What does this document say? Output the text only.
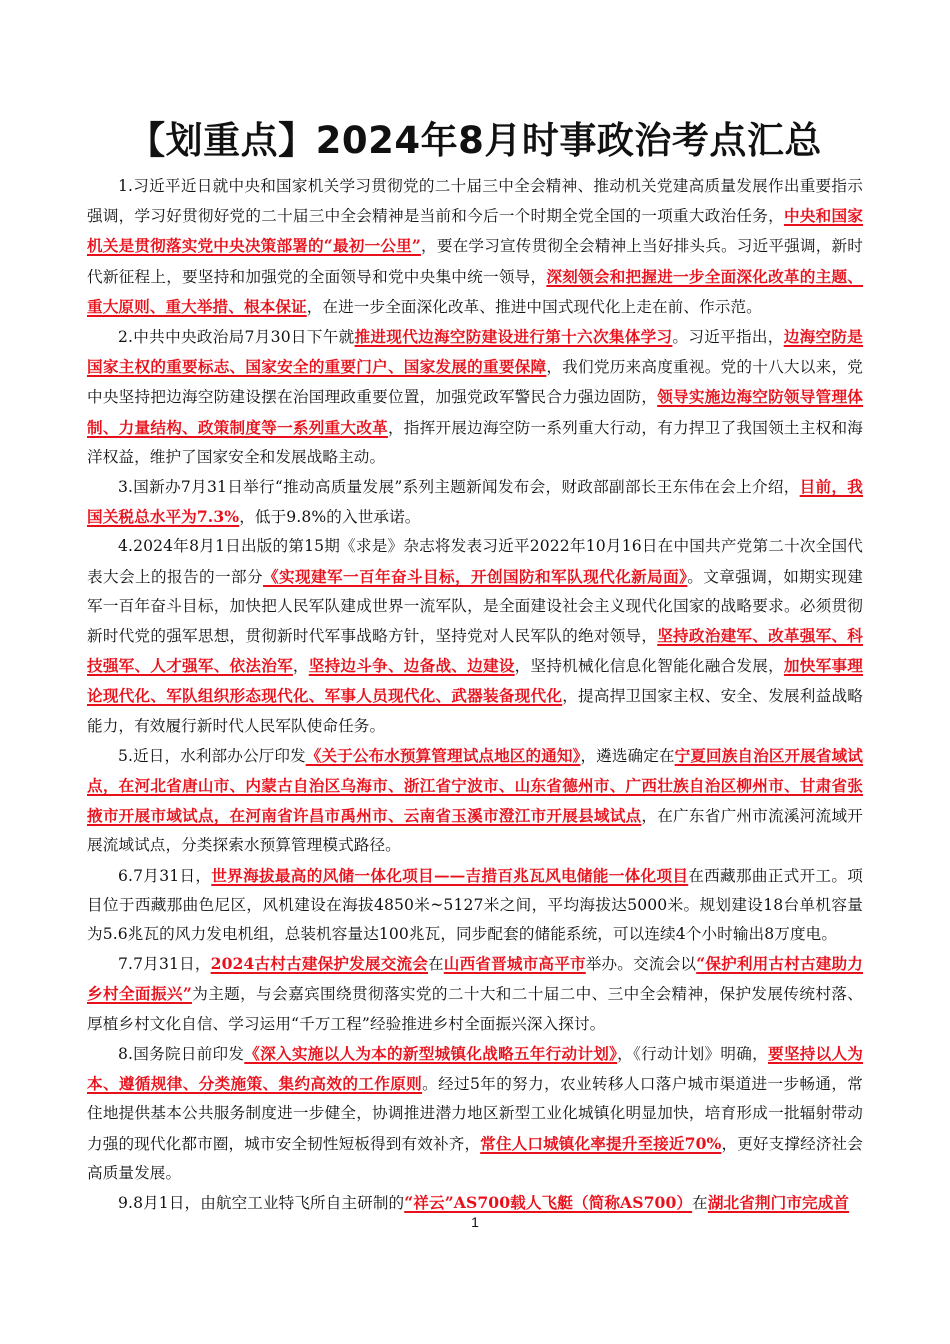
【划重点】2024年8月时事政治考点汇总

1.习近平近日就中央和国家机关学习贯彻党的二十届三中全会精神、推动机关党建高质量发展作出重要指示强调，学习好贯彻好党的二十届三中全会精神是当前和今后一个时期全党全国的一项重大政治任务，中央和国家机关是贯彻落实党中央决策部署的“最初一公里”，要在学习宣传贯彻全会精神上当好排头兵。习近平强调，新时代新征程上，要坚持和加强党的全面领导和党中央集中统一领导，深刻领会和把握进一步全面深化改革的主题、重大原则、重大举措、根本保证，在进一步全面深化改革、推进中国式现代化上走在前、作示范。

2.中共中央政治局7月30日下午就推进现代边海空防建设进行第十六次集体学习。习近平指出，边海空防是国家主权的重要标志、国家安全的重要门户、国家发展的重要保障，我们党历来高度重视。党的十八大以来，党中央坚持把边海空防建设摆在治国理政重要位置，加强党政军警民合力强边固防，领导实施边海空防领导管理体制、力量结构、政策制度等一系列重大改革，指挥开展边海空防一系列重大行动，有力捍卫了我国领土主权和海洋权益，维护了国家安全和发展战略主动。

3.国新办7月31日举行“推动高质量发展”系列主题新闻发布会，财政部副部长王东伟在会上介绍，目前，我国关税总水平为7.3%，低于9.8%的入世承诺。

4.2024年8月1日出版的第15期《求是》杂志将发表习近平2022年10月16日在中国共产党第二十次全国代表大会上的报告的一部分《实现建军一百年奋斗目标，开创国防和军队现代化新局面》。文章强调，如期实现建军一百年奋斗目标，加快把人民军队建成世界一流军队，是全面建设社会主义现代化国家的战略要求。必须贯彻新时代党的强军思想，贯彻新时代军事战略方针，坚持党对人民军队的绝对领导，坚持政治建军、改革强军、科技强军、人才强军、依法治军，坚持边斗争、边备战、边建设，坚持机械化信息化智能化融合发展，加快军事理论现代化、军队组织形态现代化、军事人员现代化、武器装备现代化，提高捍卫国家主权、安全、发展利益战略能力，有效履行新时代人民军队使命任务。

5.近日，水利部办公厅印发《关于公布水预算管理试点地区的通知》，遴选确定在宁夏回族自治区开展省域试点，在河北省唐山市、内蒙古自治区乌海市、浙江省宁波市、山东省德州市、广西壮族自治区柳州市、甘肃省张掖市开展市域试点，在河南省许昌市禹州市、云南省玉溪市澄江市开展县域试点，在广东省广州市流溪河流域开展流域试点，分类探索水预算管理模式路径。

6.7月31日，世界海拔最高的风储一体化项目——吉措百兆瓦风电储能一体化项目在西藏那曲正式开工。项目位于西藏那曲色尼区，风机建设在海拔4850米~5127米之间，平均海拔达5000米。规划建设18台单机容量为5.6兆瓦的风力发电机组，总装机容量达100兆瓦，同步配套的储能系统，可以连续4个小时输出8万度电。

7.7月31日，2024古村古建保护发展交流会在山西省晋城市高平市举办。交流会以“保护利用古村古建助力乡村全面振兴”为主题，与会嘉宾围绕贯彻落实党的二十大和二十届二中、三中全会精神，保护发展传统村落、厚植乡村文化自信、学习运用“千万工程”经验推进乡村全面振兴深入探讨。

8.国务院日前印发《深入实施以人为本的新型城镇化战略五年行动计划》，《行动计划》明确，要坚持以人为本、遵循规律、分类施策、集约高效的工作原则。经过5年的努力，农业转移人口落户城市渠道进一步畅通，常住地提供基本公共服务制度进一步健全，协调推进潜力地区新型工业化城镇化明显加快，培育形成一批辐射带动力强的现代化都市圈，城市安全韧性短板得到有效补齐，常住人口城镇化率提升至接近70%，更好支撑经济社会高质量发展。

9.8月1日，由航空工业特飞所自主研制的“祥云”AS700载人飞艇（简称AS700）在湖北省荆门市完成首

1
